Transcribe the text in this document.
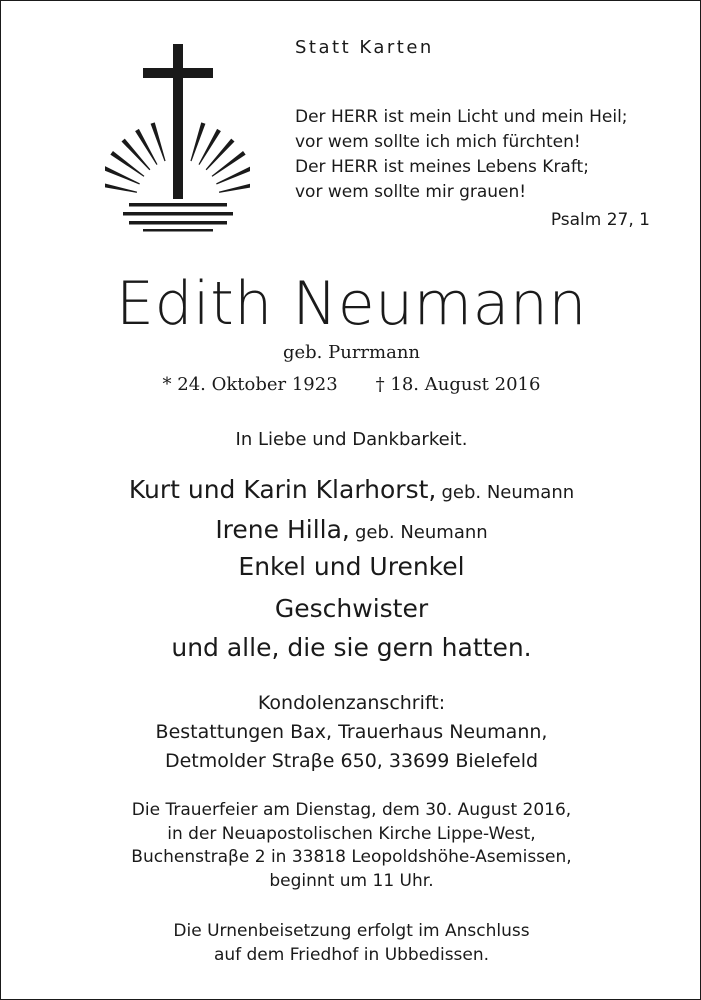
Statt Karten
Der HERR ist mein Licht und mein Heil;
vor wem sollte ich mich fürchten!
Der HERR ist meines Lebens Kraft;
vor wem sollte mir grauen!
Psalm 27, 1
Edith Neumann
geb. Purrmann
* 24. Oktober 1923 † 18. August 2016
In Liebe und Dankbarkeit.
Kurt und Karin Klarhorst, geb. Neumann
Irene Hilla, geb. Neumann
Enkel und Urenkel
Geschwister
und alle, die sie gern hatten.
Kondolenzanschrift:
Bestattungen Bax, Trauerhaus Neumann,
Detmolder Straβe 650, 33699 Bielefeld
Die Trauerfeier am Dienstag, dem 30. August 2016,
in der Neuapostolischen Kirche Lippe-West,
Buchenstraβe 2 in 33818 Leopoldshöhe-Asemissen,
beginnt um 11 Uhr.
Die Urnenbeisetzung erfolgt im Anschluss
auf dem Friedhof in Ubbedissen.
